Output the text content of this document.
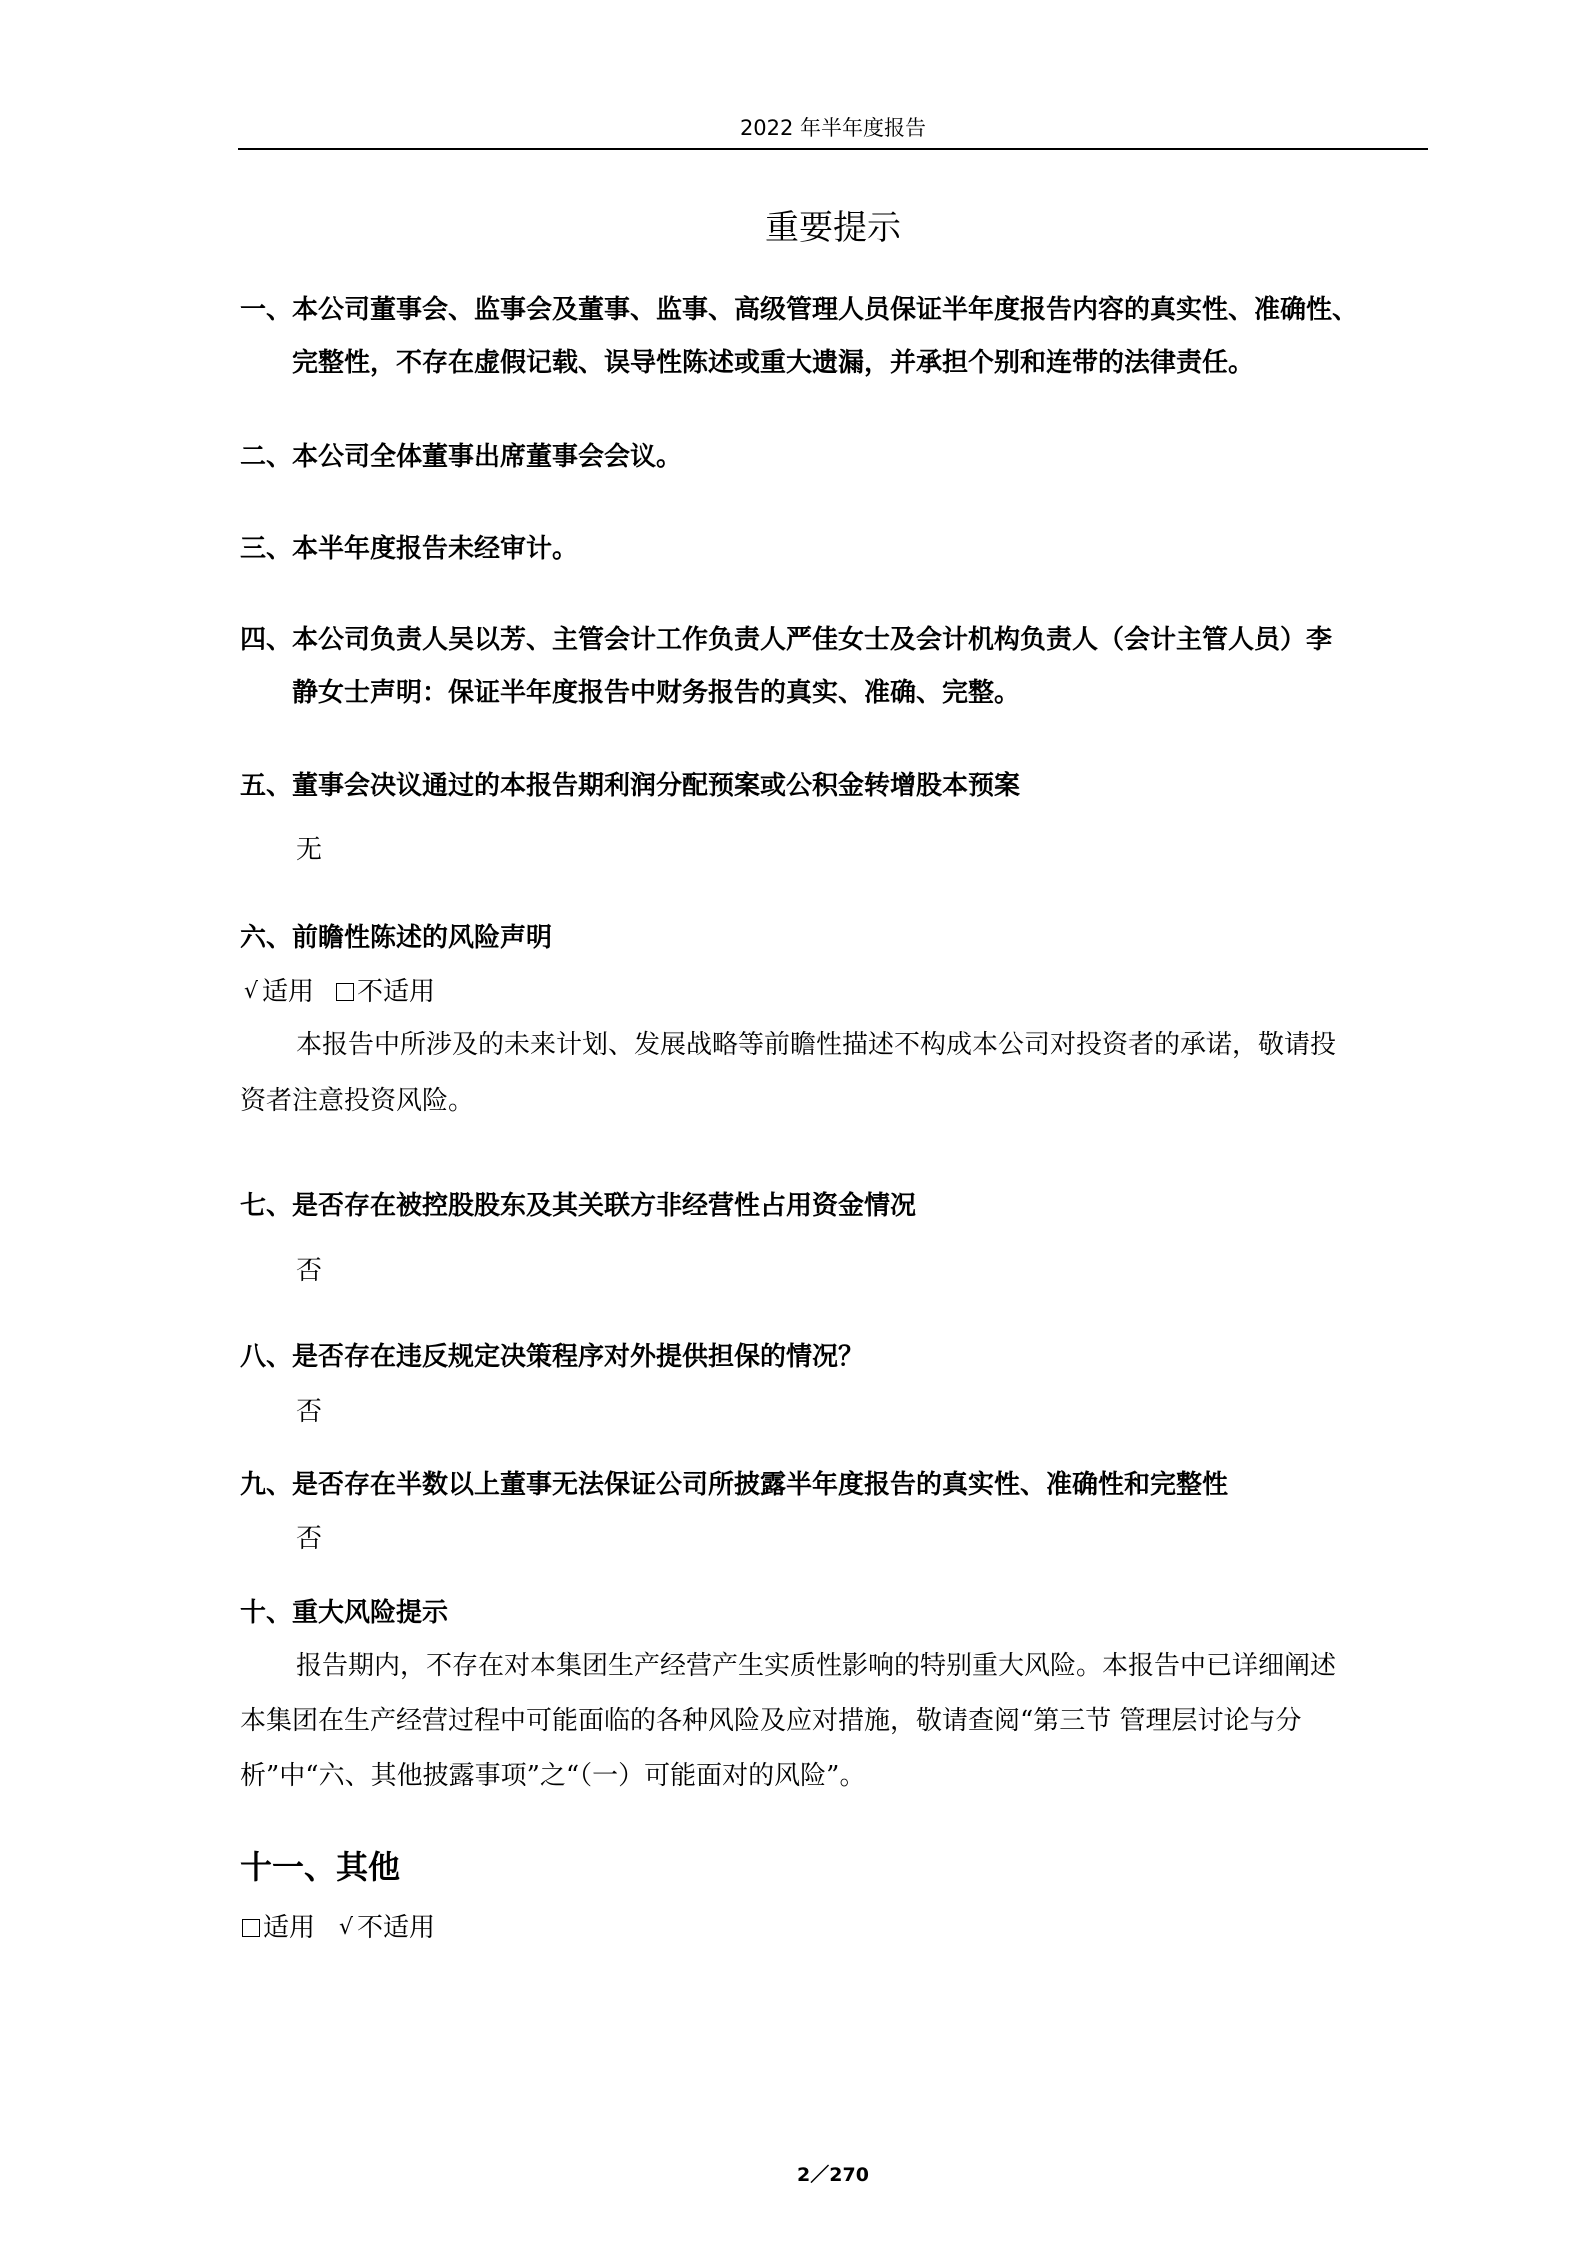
2022 年半年度报告
重要提示
一、本公司董事会、监事会及董事、监事、高级管理人员保证半年度报告内容的真实性、准确性、
完整性，不存在虚假记载、误导性陈述或重大遗漏，并承担个别和连带的法律责任。
二、本公司全体董事出席董事会会议。
三、本半年度报告未经审计。
四、本公司负责人吴以芳、主管会计工作负责人严佳女士及会计机构负责人（会计主管人员）李
静女士声明：保证半年度报告中财务报告的真实、准确、完整。
五、董事会决议通过的本报告期利润分配预案或公积金转增股本预案
无
六、前瞻性陈述的风险声明
√ 适用 不适用
本报告中所涉及的未来计划、发展战略等前瞻性描述不构成本公司对投资者的承诺，敬请投
资者注意投资风险。
七、是否存在被控股股东及其关联方非经营性占用资金情况
否
八、是否存在违反规定决策程序对外提供担保的情况？
否
九、是否存在半数以上董事无法保证公司所披露半年度报告的真实性、准确性和完整性
否
十、重大风险提示
报告期内，不存在对本集团生产经营产生实质性影响的特别重大风险。本报告中已详细阐述
本集团在生产经营过程中可能面临的各种风险及应对措施，敬请查阅“第三节 管理层讨论与分
析”中“六、其他披露事项”之“（一）可能面对的风险”。
十一、其他
适用 √ 不适用
2／270
